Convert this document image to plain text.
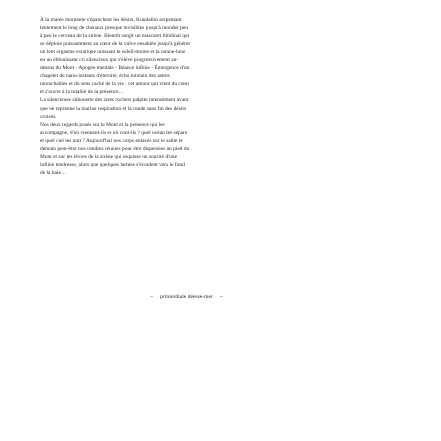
À la marée montante s'épanchent les désirs, Kundalini serpentant
lentement le long de chenaux presque invisibles jusqu'à inonder peu
à peu le cerveau de la sirène. Bientôt surgit un mascaret libidinal qui
se déploie puissamment au cœur de la vulve ensablée jusqu'à générer
un lent orgasme extatique unissant le soleil-moine et la nonne-lune
en un éblouissant cri silencieux qui s'élève progressivement au-
dessus du Mont - Apogée mentale - Béance infinie - Émergence d'un
chapelet de nano-instants d'éternité, écho lointain des astres
intouchables et du sens caché de la vie : cet amour qui vient du cœur
et s'ouvre à la totalité de la présence…

La silencieuse silhouette des rares rochers palpite intensément avant
que ne reprenne la marine respiration et la ronde sans fin des désirs
croisés.

Nos deux regards posés sur le Mont et la présence qui les
accompagne, d'où viennent-ils et où vont-ils ? quel océan les sépare
et quel ciel les unit ? Aujourd'hui nos corps enlacés sur le sable et
demain peut-être nos cendres réunies pour être dispersées au pied du
Mont et sur les lèvres de la sirène qui esquisse un sourire d'une
infinie tendresse, alors que quelques larmes s'écoulent vers le fond
de la baie…

~     primordiale déesse-mer     ~
